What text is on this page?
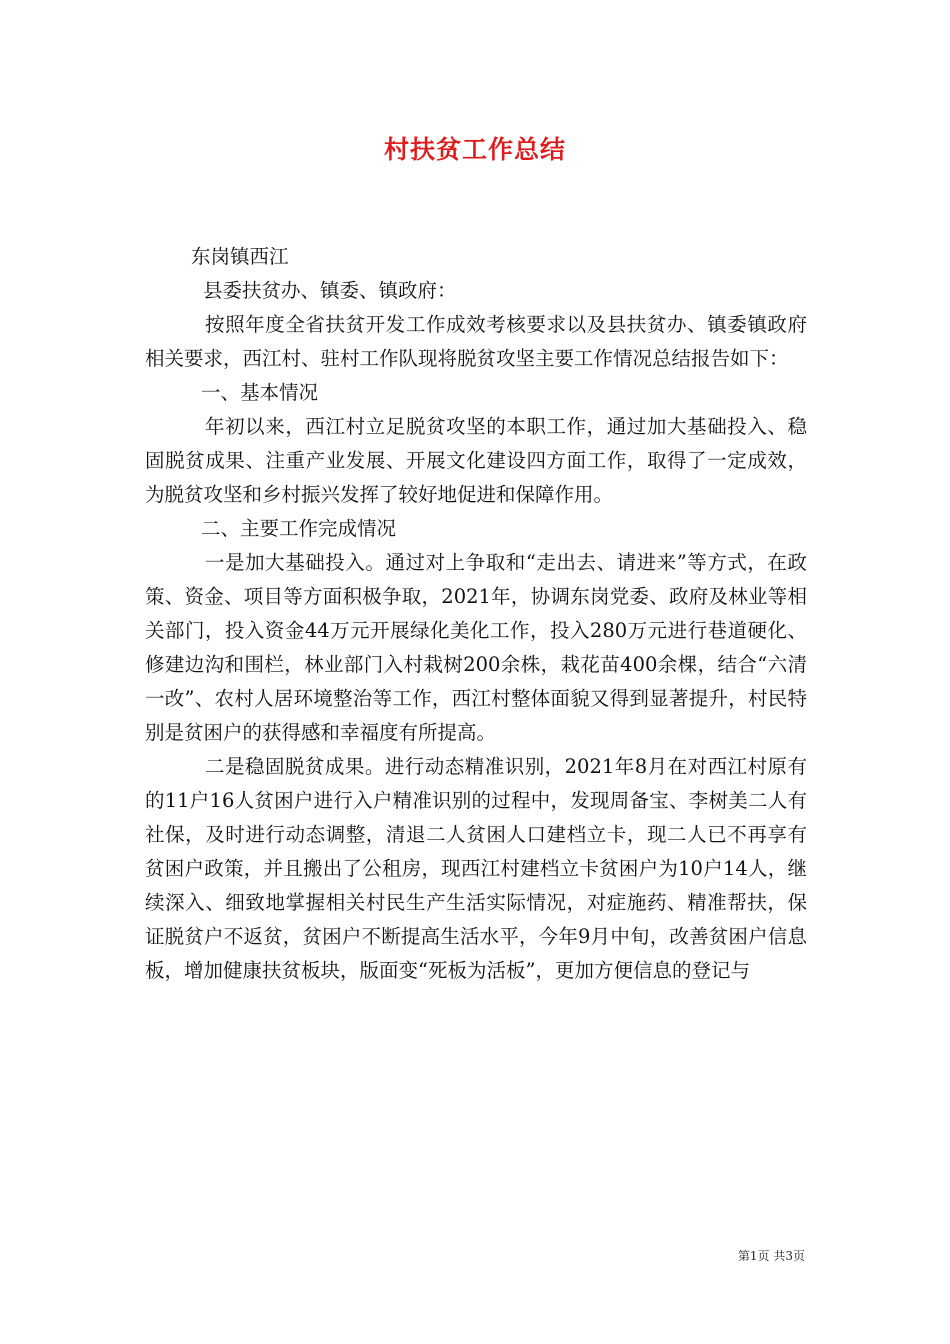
村扶贫工作总结

东岗镇西江

县委扶贫办、镇委、镇政府：

按照年度全省扶贫开发工作成效考核要求以及县扶贫办、镇委镇政府相关要求，西江村、驻村工作队现将脱贫攻坚主要工作情况总结报告如下：

一、基本情况

年初以来，西江村立足脱贫攻坚的本职工作，通过加大基础投入、稳固脱贫成果、注重产业发展、开展文化建设四方面工作，取得了一定成效，为脱贫攻坚和乡村振兴发挥了较好地促进和保障作用。

二、主要工作完成情况

一是加大基础投入。通过对上争取和“走出去、请进来”等方式，在政策、资金、项目等方面积极争取，2021年，协调东岗党委、政府及林业等相关部门，投入资金44万元开展绿化美化工作，投入280万元进行巷道硬化、修建边沟和围栏，林业部门入村栽树200余株，栽花苗400余棵，结合“六清一改”、农村人居环境整治等工作，西江村整体面貌又得到显著提升，村民特别是贫困户的获得感和幸福度有所提高。

二是稳固脱贫成果。进行动态精准识别，2021年8月在对西江村原有的11户16人贫困户进行入户精准识别的过程中，发现周备宝、李树美二人有社保，及时进行动态调整，清退二人贫困人口建档立卡，现二人已不再享有贫困户政策，并且搬出了公租房，现西江村建档立卡贫困户为10户14人，继续深入、细致地掌握相关村民生产生活实际情况，对症施药、精准帮扶，保证脱贫户不返贫，贫困户不断提高生活水平，今年9月中旬，改善贫困户信息板，增加健康扶贫板块，版面变“死板为活板”，更加方便信息的登记与

第1页 共3页
